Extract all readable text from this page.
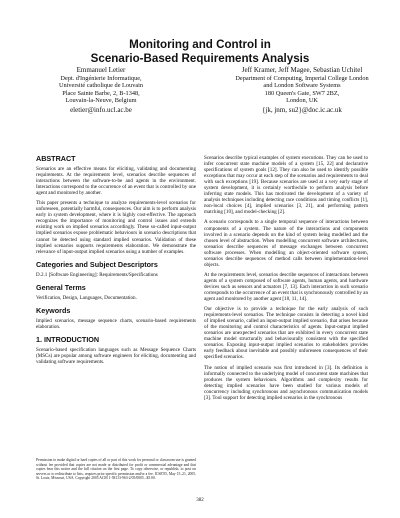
Monitoring and Control in
Scenario-Based Requirements Analysis
Emmanuel Letier
Dept. d'Ingénierie Informatique,
Université catholique de Louvain
Place Sainte Barbe, 2, B-1348,
Louvain-la-Neuve, Belgium
eletier@info.ucl.ac.be
Jeff Kramer, Jeff Magee, Sebastian Uchitel
Department of Computing, Imperial College London
and London Software Systems
180 Queen's Gate, SW7 2BZ,
London, UK
{jk, jnm, su2}@doc.ic.ac.uk
ABSTRACT

Scenarios are an effective means for eliciting, validating and documenting requirements. At the requirements level, scenarios describe sequences of interactions between the software-to-be and agents in the environment. Interactions correspond to the occurrence of an event that is controlled by one agent and monitored by another.

This paper presents a technique to analyze requirements-level scenarios for unforeseen, potentially harmful, consequences. Our aim is to perform analysis early in system development, where it is highly cost-effective. The approach recognizes the importance of monitoring and control issues and extends existing work on implied scenarios accordingly. These so-called input-output implied scenarios expose problematic behaviours in scenario descriptions that cannot be detected using standard implied scenarios. Validation of these implied scenarios supports requirements elaboration. We demonstrate the relevance of input-output implied scenarios using a number of examples.

Categories and Subject Descriptors

D.2.1 [Software Engineering]: Requirements/Specifications

General Terms

Verification, Design, Languages, Documentation.

Keywords

Implied scenarios, message sequence charts, scenario-based requirements elaboration.

1. INTRODUCTION

Scenario-based specification languages such as Message Sequence Charts (MSCs) are popular among software engineers for eliciting, documenting and validating software requirements.

Permission to make digital or hard copies of all or part of this work for personal or classroom use is granted without fee provided that copies are not made or distributed for profit or commercial advantage and that copies bear this notice and the full citation on the first page. To copy otherwise, or republish, to post on servers or to redistribute to lists, requires prior specific permission and/or a fee. ICSE'05, May 15–21, 2005, St. Louis, Missouri, USA. Copyright 2005 ACM 1-58113-963-2/05/0005...$5.00.

Scenarios describe typical examples of system executions. They can be used to infer concurrent state machine models of a system [15, 22] and declarative specifications of system goals [12]. They can also be used to identify possible exceptions that may occur at each step of the scenarios and requirements to deal with such exceptions [19]. Because scenarios are used at a very early stage of system development, it is certainly worthwhile to perform analysis before inferring state models. This has motivated the development of a variety of analysis techniques including detecting race conditions and timing conflicts [1], non-local choices [4], implied scenarios [3, 21], and performing pattern matching [10], and model-checking [2].

A scenario corresponds to a single temporal sequence of interactions between components of a system. The nature of the interactions and components involved in a scenario depends on the kind of system being modelled and the chosen level of abstraction. When modelling concurrent software architectures, scenarios describe sequences of message exchanges between concurrent software processes. When modelling an object-oriented software system, scenarios describe sequences of method calls between implementation-level objects.

At the requirements level, scenarios describe sequences of interactions between agents of a system composed of software agents, human agents, and hardware devices such as sensors and actuators [7, 13]. Each interaction in such scenario corresponds to the occurrence of an event that is synchronously controlled by an agent and monitored by another agent [18, 11, 14].

Our objective is to provide a technique for the early analysis of such requirements-level scenarios. The technique consists in detecting a novel kind of implied scenario, called an input-output implied scenario, that arises because of the monitoring and control characteristics of agents. Input-output implied scenarios are unexpected scenarios that are exhibited in every concurrent state machine model structurally and behaviourally consistent with the specified scenarios. Exposing input-output implied scenarios to stakeholders provides early feedback about inevitable and possibly unforeseen consequences of their specified scenarios.

The notion of implied scenario was first introduced in [3]. Its definition is informally connected to the underlying model of concurrent state machines that produces the system behaviours. Algorithms and complexity results for detecting implied scenarios have been studied for various models of concurrency including synchronous and asynchronous communication models [3]. Tool support for detecting implied scenarios in the synchronous

382
